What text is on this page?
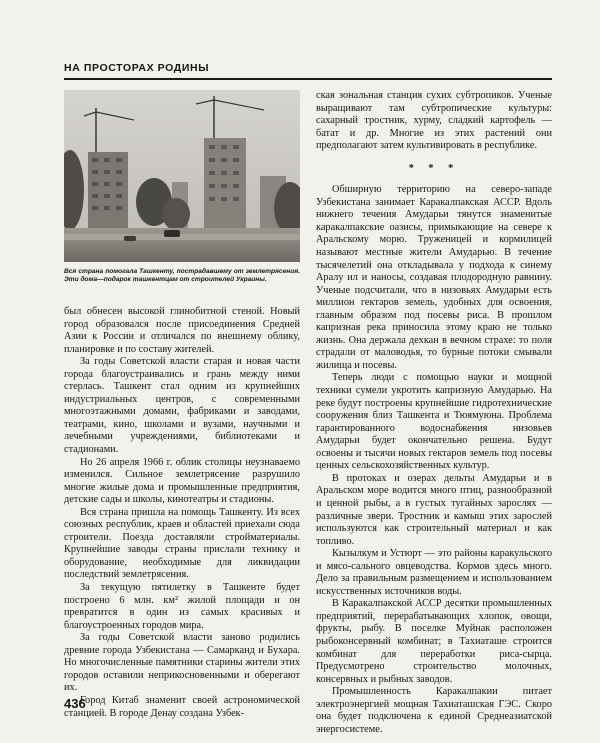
НА ПРОСТОРАХ РОДИНЫ
Вся страна помогала Ташкенту, пострадавшему от землетрясения. Эти дома—подарок ташкентцам от строителей Украины.

был обнесен высокой глинобитной стеной. Новый город образовался после присоединения Средней Азии к России и отличался по внешнему облику, планировке и по составу жителей.

За годы Советской власти старая и новая части города благоустраивались и грань между ними стерлась. Ташкент стал одним из крупнейших индустриальных центров, с современными многоэтажными домами, фабриками и заводами, театрами, кино, школами и вузами, научными и лечебными учреждениями, библиотеками и стадионами.

Но 26 апреля 1966 г. облик столицы неузнаваемо изменился. Сильное землетрясение разрушило многие жилые дома и промышленные предприятия, детские сады и школы, кинотеатры и стадионы.

Вся страна пришла на помощь Ташкенту. Из всех союзных республик, краев и областей приехали сюда строители. Поезда доставляли стройматериалы. Крупнейшие заводы страны прислали технику и оборудование, необходимые для ликвидации последствий землетрясения.

За текущую пятилетку в Ташкенте будет построено 6 млн. км² жилой площади и он превратится в один из самых красивых и благоустроенных городов мира.

За годы Советской власти заново родились древние города Узбекистана — Самарканд и Бухара. Но многочисленные памятники старины жители этих городов оставили неприкосновенными и оберегают их.

Город Китаб знаменит своей астрономической станцией. В городе Денау создана Узбек-

ская зональная станция сухих субтропиков. Ученые выращивают там субтропические культуры: сахарный тростник, хурму, сладкий картофель — батат и др. Многие из этих растений они предполагают затем культивировать в республике.

* * *

Обширную территорию на северо-западе Узбекистана занимает Каракалпакская АССР. Вдоль нижнего течения Амударьи тянутся знаменитые каракалпакские оазисы, примыкающие на севере к Аральскому морю. Труженицей и кормилицей называют местные жители Амударью. В течение тысячелетий она откладывала у подхода к синему Аралу ил и наносы, создавая плодородную равнину. Ученые подсчитали, что в низовьях Амударьи есть миллион гектаров земель, удобных для освоения, главным образом под посевы риса. В прошлом капризная река приносила этому краю не только жизнь. Она держала дехкан в вечном страхе: то поля страдали от маловодья, то бурные потоки смывали жилища и посевы.

Теперь люди с помощью науки и мощной техники сумели укротить капризную Амударью. На реке будут построены крупнейшие гидротехнические сооружения близ Ташкента и Тюямуюна. Проблема гарантированного водоснабжения низовьев Амударьи будет окончательно решена. Будут освоены и тысячи новых гектаров земель под посевы ценных сельскохозяйственных культур.

В протоках и озерах дельты Амударьи и в Аральском море водится много птиц, разнообразной и ценной рыбы, а в густых тугайных зарослях — различные звери. Тростник и камыш этих зарослей используются как строительный материал и как топливо.

Кызылкум и Устюрт — это районы каракульского и мясо-сального овцеводства. Кормов здесь много. Дело за правильным размещением и использованием искусственных источников воды.

В Каракалпакской АССР десятки промышленных предприятий, перерабатывающих хлопок, овощи, фрукты, рыбу. В поселке Муйнак расположен рыбоконсервный комбинат; в Тахиаташе строится комбинат для переработки риса-сырца. Предусмотрено строительство молочных, консервных и рыбных заводов.

Промышленность Каракалпакии питает электроэнергией мощная Тахиаташская ГЭС. Скоро она будет подключена к единой Среднеазиатской энергосистеме.

436
